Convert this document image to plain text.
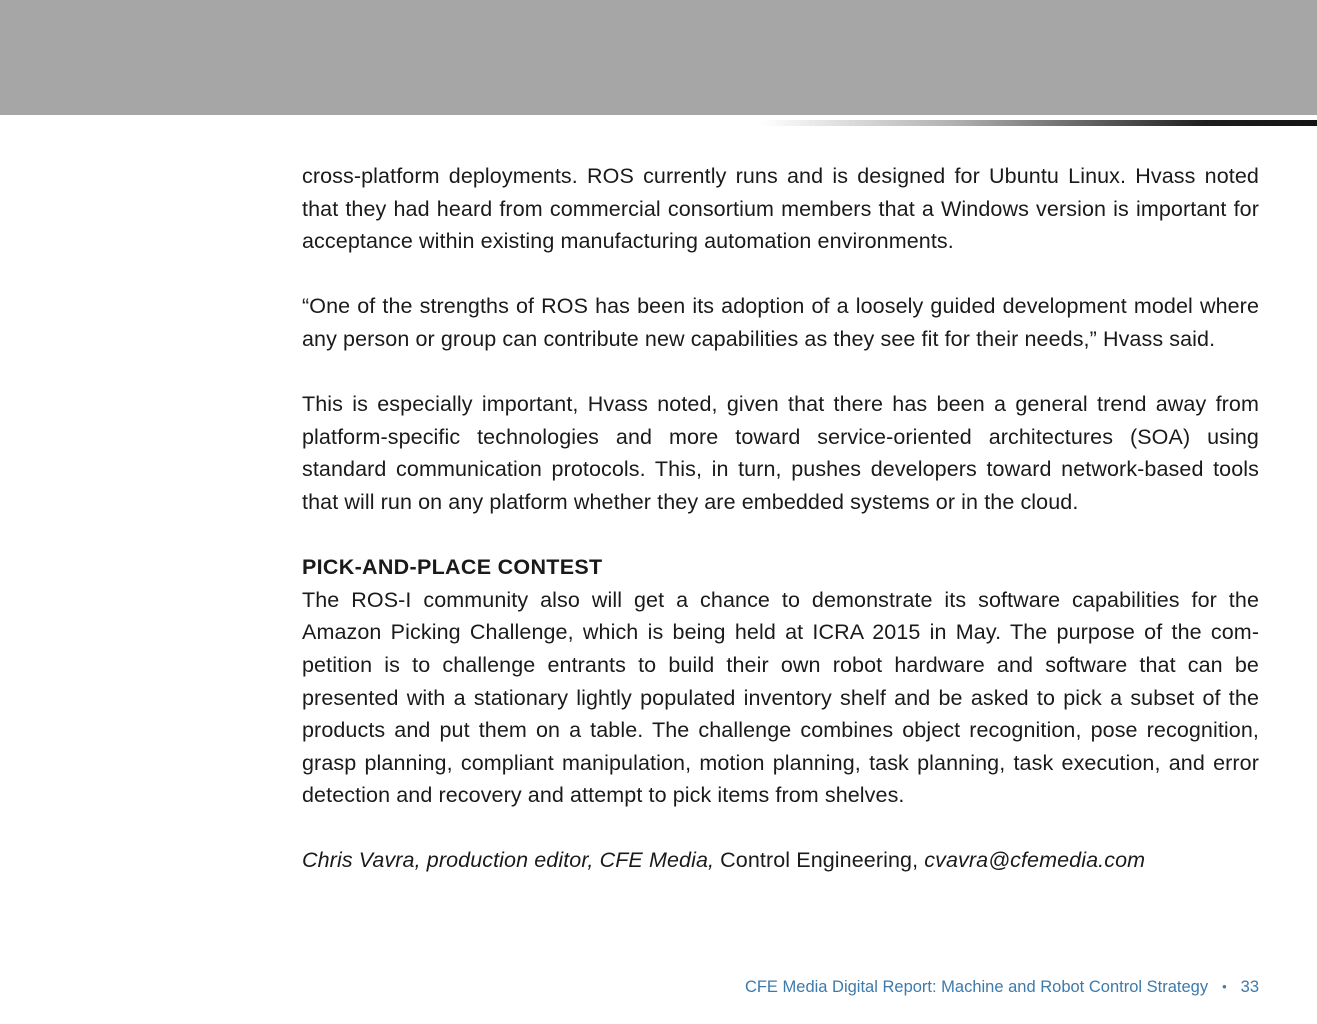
cross-platform deployments. ROS currently runs and is designed for Ubuntu Linux. Hvass noted that they had heard from commercial consortium members that a Windows version is important for acceptance within existing manufacturing automation environments.

“One of the strengths of ROS has been its adoption of a loosely guided development model where any person or group can contribute new capabilities as they see fit for their needs,” Hvass said.

This is especially important, Hvass noted, given that there has been a general trend away from platform-specific technologies and more toward service-oriented architectures (SOA) using standard communication protocols. This, in turn, pushes developers toward network-based tools that will run on any platform whether they are embedded systems or in the cloud.

PICK-AND-PLACE CONTEST

The ROS-I community also will get a chance to demonstrate its software capabilities for the Amazon Picking Challenge, which is being held at ICRA 2015 in May. The purpose of the competition is to challenge entrants to build their own robot hardware and software that can be presented with a stationary lightly populated inventory shelf and be asked to pick a subset of the products and put them on a table. The challenge combines object recognition, pose recognition, grasp planning, compliant manipulation, motion planning, task planning, task execution, and error detection and recovery and attempt to pick items from shelves.

Chris Vavra, production editor, CFE Media, Control Engineering, cvavra@cfemedia.com

CFE Media Digital Report: Machine and Robot Control Strategy • 33
